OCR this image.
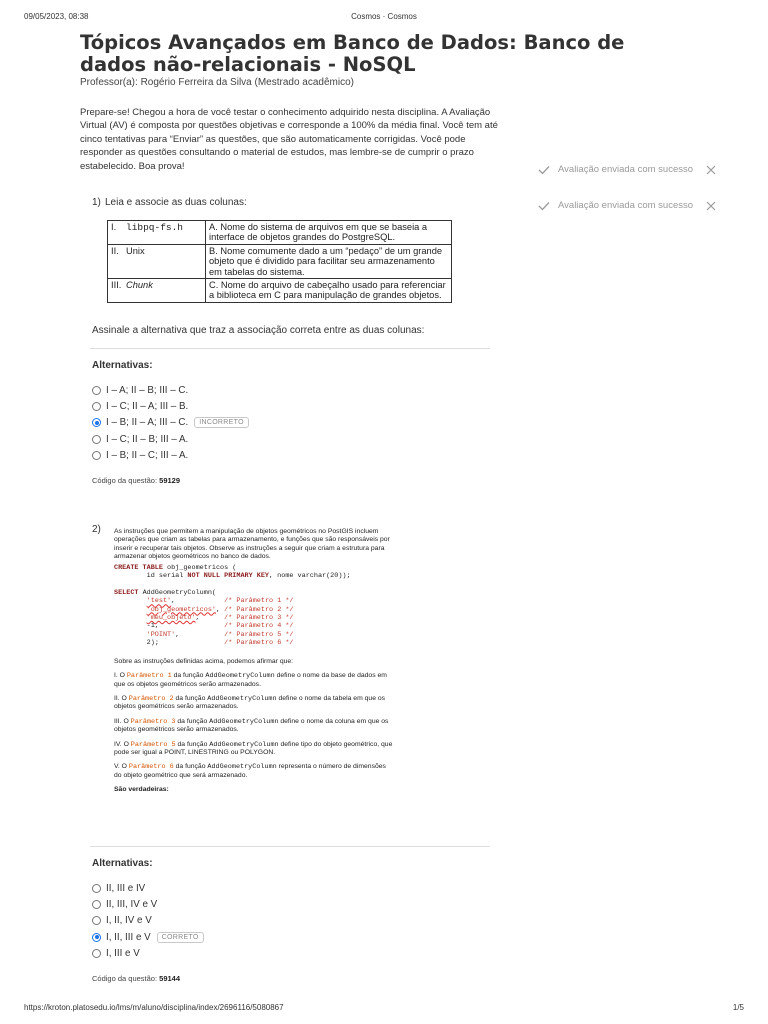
09/05/2023, 08:38	Cosmos · Cosmos
Tópicos Avançados em Banco de Dados: Banco de dados não-relacionais - NoSQL
Professor(a): Rogério Ferreira da Silva (Mestrado acadêmico)

Prepare-se! Chegou a hora de você testar o conhecimento adquirido nesta disciplina. A Avaliação Virtual (AV) é composta por questões objetivas e corresponde a 100% da média final. Você tem até cinco tentativas para “Enviar” as questões, que são automaticamente corrigidas. Você pode responder as questões consultando o material de estudos, mas lembre-se de cumprir o prazo estabelecido. Boa prova!	Avaliação enviada com sucesso
Avaliação enviada com sucesso
1) Leia e associe as duas colunas:
I. libpq-fs.h	A. Nome do sistema de arquivos em que se baseia a interface de objetos grandes do PostgreSQL.
II. Unix	B. Nome comumente dado a um “pedaço” de um grande objeto que é dividido para facilitar seu armazenamento em tabelas do sistema.
III. Chunk	C. Nome do arquivo de cabeçalho usado para referenciar a biblioteca em C para manipulação de grandes objetos.
Assinale a alternativa que traz a associação correta entre as duas colunas:
Alternativas:
I – A; II – B; III – C.
I – C; II – A; III – B.
I – B; II – A; III – C.	INCORRETO
I – C; II – B; III – A.
I – B; II – C; III – A.
Código da questão: 59129
2) As instruções que permitem a manipulação de objetos geométricos no PostGIS incluem operações que criam as tabelas para armazenamento, e funções que são responsáveis por inserir e recuperar tais objetos. Observe as instruções a seguir que criam a estrutura para armazenar objetos geométricos no banco de dados.

CREATE TABLE obj_geometricos (
id serial NOT NULL PRIMARY KEY, nome varchar(20));

SELECT AddGeometryColumn(
'test',	/* Parâmetro 1 */
'obj_geometricos', /* Parâmetro 2 */
'meu_objeto',	/* Parâmetro 3 */
-1,	/* Parâmetro 4 */
'POINT',	/* Parâmetro 5 */
2);	/* Parâmetro 6 */

Sobre as instruções definidas acima, podemos afirmar que:

I. O Parâmetro 1 da função AddGeometryColumn define o nome da base de dados em que os objetos geométricos serão armazenados.

II. O Parâmetro 2 da função AddGeometryColumn define o nome da tabela em que os objetos geométricos serão armazenados.

III. O Parâmetro 3 da função AddGeometryColumn define o nome da coluna em que os objetos geométricos serão armazenados.

IV. O Parâmetro 5 da função AddGeometryColumn define tipo do objeto geométrico, que pode ser igual a POINT, LINESTRING ou POLYGON.

V. O Parâmetro 6 da função AddGeometryColumn representa o número de dimensões do objeto geométrico que será armazenado.

São verdadeiras:

Alternativas:
II, III e IV
II, III, IV e V
I, II, IV e V
I, II, III e V	CORRETO
I, III e V
Código da questão: 59144
https://kroton.platosedu.io/lms/m/aluno/disciplina/index/2696116/5080867	1/5
